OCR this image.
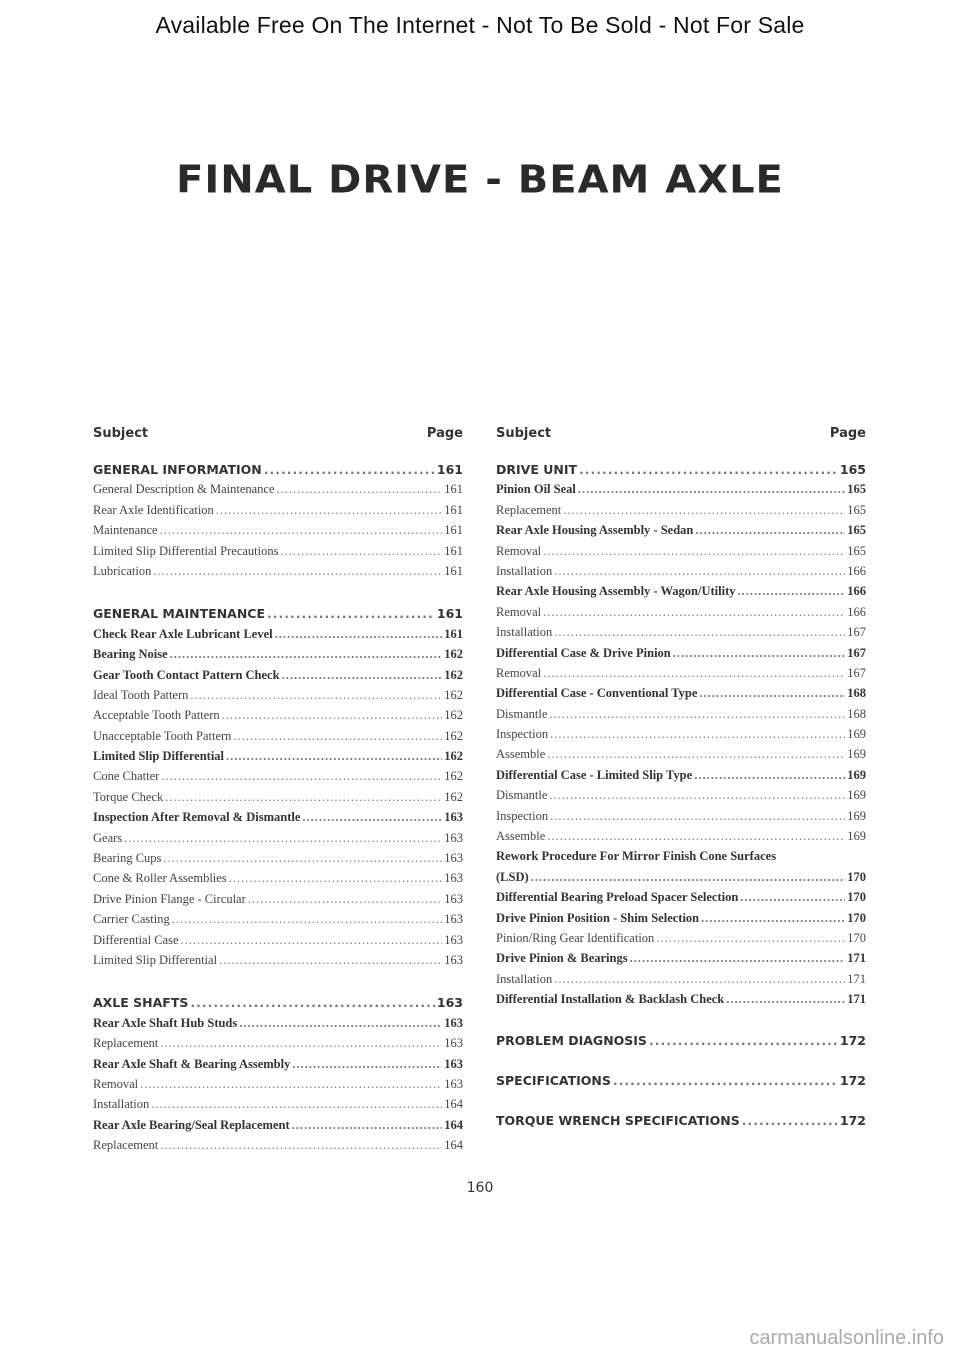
Available Free On The Internet - Not To Be Sold - Not For Sale
FINAL DRIVE - BEAM AXLE
Subject	Page
GENERAL INFORMATION .....	161
General Description & Maintenance .....	161
Rear Axle Identification .....	161
Maintenance .....	161
Limited Slip Differential Precautions .....	161
Lubrication .....	161
GENERAL MAINTENANCE .....	161
Check Rear Axle Lubricant Level .....	161
Bearing Noise .....	162
Gear Tooth Contact Pattern Check .....	162
Ideal Tooth Pattern .....	162
Acceptable Tooth Pattern .....	162
Unacceptable Tooth Pattern .....	162
Limited Slip Differential .....	162
Cone Chatter .....	162
Torque Check .....	162
Inspection After Removal & Dismantle .....	163
Gears .....	163
Bearing Cups .....	163
Cone & Roller Assemblies .....	163
Drive Pinion Flange - Circular .....	163
Carrier Casting .....	163
Differential Case .....	163
Limited Slip Differential .....	163
AXLE SHAFTS .....	163
Rear Axle Shaft Hub Studs .....	163
Replacement .....	163
Rear Axle Shaft & Bearing Assembly .....	163
Removal .....	163
Installation .....	164
Rear Axle Bearing/Seal Replacement .....	164
Replacement .....	164
Subject	Page
DRIVE UNIT .....	165
Pinion Oil Seal .....	165
Replacement .....	165
Rear Axle Housing Assembly - Sedan .....	165
Removal .....	165
Installation .....	166
Rear Axle Housing Assembly - Wagon/Utility .....	166
Removal .....	166
Installation .....	167
Differential Case & Drive Pinion .....	167
Removal .....	167
Differential Case - Conventional Type .....	168
Dismantle .....	168
Inspection .....	169
Assemble .....	169
Differential Case - Limited Slip Type .....	169
Dismantle .....	169
Inspection .....	169
Assemble .....	169
Rework Procedure For Mirror Finish Cone Surfaces
(LSD) .....	170
Differential Bearing Preload Spacer Selection .....	170
Drive Pinion Position - Shim Selection .....	170
Pinion/Ring Gear Identification .....	170
Drive Pinion & Bearings .....	171
Installation .....	171
Differential Installation & Backlash Check .....	171
PROBLEM DIAGNOSIS .....	172
SPECIFICATIONS .....	172
TORQUE WRENCH SPECIFICATIONS .....	172
160
carmanualsonline.info
